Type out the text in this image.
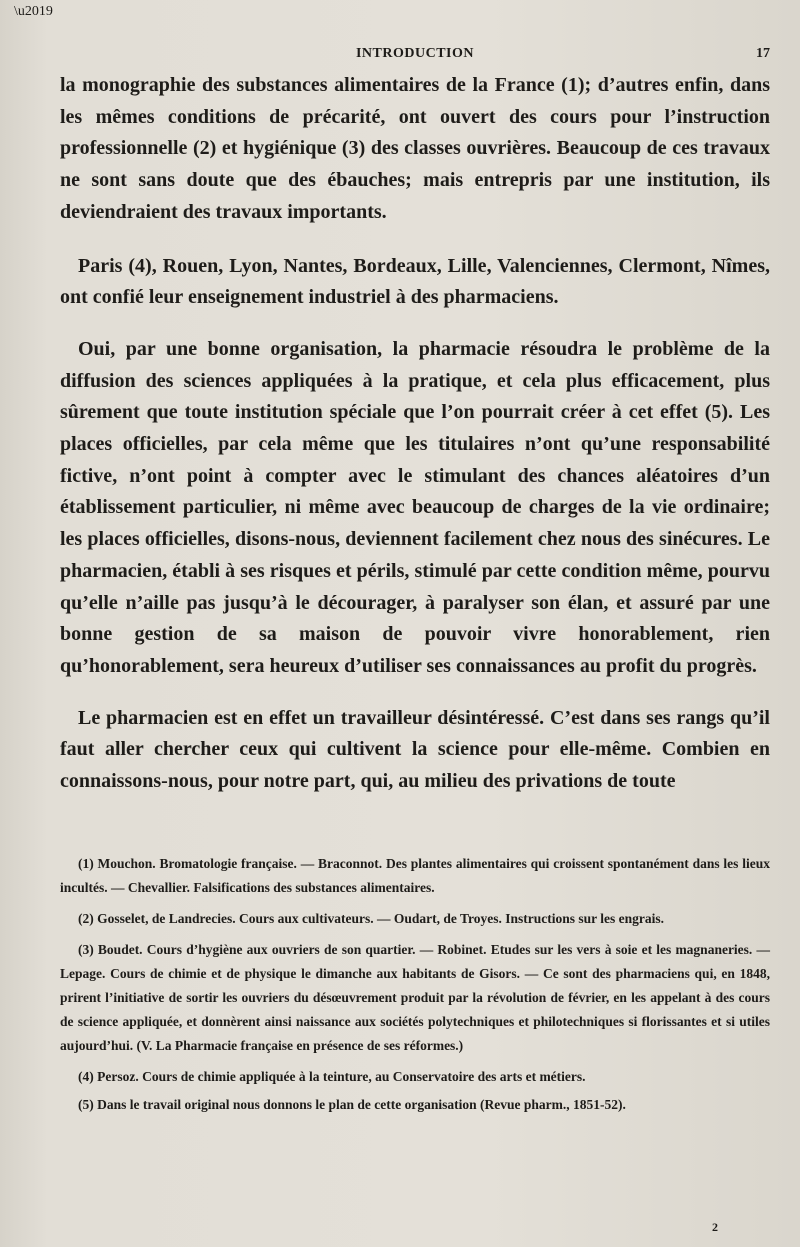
\u2019
INTRODUCTION	17

la monographie des substances alimentaires de la France (1); d’autres enfin, dans les mêmes conditions de précarité, ont ouvert des cours pour l’instruction professionnelle (2) et hygiénique (3) des classes ouvrières. Beaucoup de ces travaux ne sont sans doute que des ébauches; mais entrepris par une institution, ils deviendraient des travaux importants.

Paris (4), Rouen, Lyon, Nantes, Bordeaux, Lille, Valenciennes, Clermont, Nîmes, ont confié leur enseignement industriel à des pharmaciens.

Oui, par une bonne organisation, la pharmacie résoudra le problème de la diffusion des sciences appliquées à la pratique, et cela plus efficacement, plus sûrement que toute institution spéciale que l’on pourrait créer à cet effet (5). Les places officielles, par cela même que les titulaires n’ont qu’une responsabilité fictive, n’ont point à compter avec le stimulant des chances aléatoires d’un établissement particulier, ni même avec beaucoup de charges de la vie ordinaire; les places officielles, disons-nous, deviennent facilement chez nous des sinécures. Le pharmacien, établi à ses risques et périls, stimulé par cette condition même, pourvu qu’elle n’aille pas jusqu’à le décourager, à paralyser son élan, et assuré par une bonne gestion de sa maison de pouvoir vivre honorablement, rien qu’honorablement, sera heureux d’utiliser ses connaissances au profit du progrès.

Le pharmacien est en effet un travailleur désintéressé. C’est dans ses rangs qu’il faut aller chercher ceux qui cultivent la science pour elle-même. Combien en connaissons-nous, pour notre part, qui, au milieu des privations de toute

(1) Mouchon. Bromatologie française. — Braconnot. Des plantes alimentaires qui croissent spontanément dans les lieux incultés. — Chevallier. Falsifications des substances alimentaires.

(2) Gosselet, de Landrecies. Cours aux cultivateurs. — Oudart, de Troyes. Instructions sur les engrais.

(3) Boudet. Cours d’hygiène aux ouvriers de son quartier. — Robinet. Etudes sur les vers à soie et les magnaneries. — Lepage. Cours de chimie et de physique le dimanche aux habitants de Gisors. — Ce sont des pharmaciens qui, en 1848, prirent l’initiative de sortir les ouvriers du désœuvrement produit par la révolution de février, en les appelant à des cours de science appliquée, et donnèrent ainsi naissance aux sociétés polytechniques et philotechniques si florissantes et si utiles aujourd’hui. (V. La Pharmacie française en présence de ses réformes.)

(4) Persoz. Cours de chimie appliquée à la teinture, au Conservatoire des arts et métiers.

(5) Dans le travail original nous donnons le plan de cette organisation (Revue pharm., 1851-52).

2
